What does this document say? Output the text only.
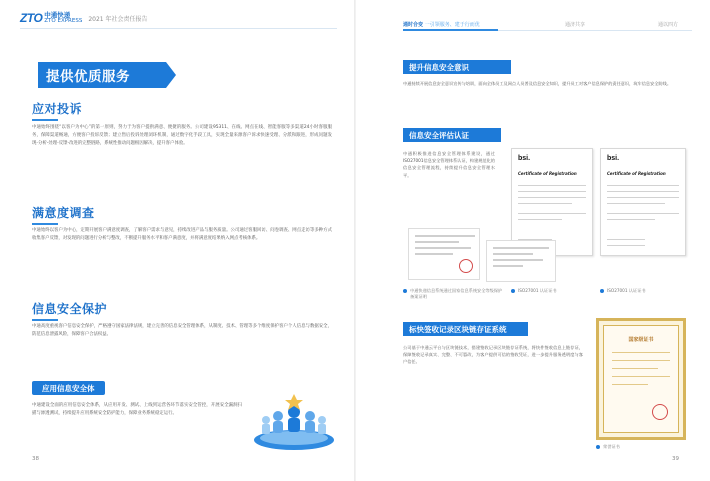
ZTO 中通快递
ZTO EXPRESS 2021 年社会责任报告
提供优质服务
应对投诉

中通始终围绕“以客户为中心”的第一原则，努力于为客户提供满意、便捷的服务。公司建设95311、在线、网点在线、智能客服等多渠道24小时客服服务，保障渠道畅通，方便客户投诉反馈；建立售后投诉处理闭环机制，通过数字化手段工具，实现全量来源客户诉求快速受理、分派和跟进，形成问题发现-分析-处理-反馈-改进的完整链路，系统性推动问题根因解决，提升客户体验。

满意度调查

中通始终以客户为中心，定期开展客户满意度调查，了解客户需求与意见，持续改进产品与服务质量。公司通过客服回访、问卷调查、网点走访等多种方式收集客户反馈，对发现的问题进行分析与整改，不断提升服务水平和客户满意度，并将满意度结果纳入网点考核体系。

信息安全保护

中通高度重视客户信息安全保护，严格遵守国家法律法规，建立完善的信息安全管理体系，从制度、技术、管理等多个维度保护客户个人信息与数据安全，防范信息泄露风险，保障客户合法权益。

应用信息安全体

中通建设全面的应用信息安全体系，从应用开发、测试、上线到运营各环节落实安全管控，开展安全漏洞扫描与渗透测试，持续提升应用系统安全防护能力，保障业务系统稳定运行。

38
通时合变 一引领服务、建于行而优	通济共享	通以四方
提升信息安全意识

中通持续开展信息安全意识宣传与培训，面向全体员工及网点人员普及信息安全知识，提升员工对客户信息保护的责任意识，筑牢信息安全防线。

信息安全评估认证

中通积极推进信息安全管理体系建设，通过ISO27001信息安全管理体系认证，构建规范化的信息安全管理流程，持续提升信息安全管理水平。

bsi.
Certificate of Registration
bsi.
Certificate of Registration
中通快递信息系统通过国家信息系统安全等级保护备案证明
ISO27001 认证证书	ISO27001 认证证书
标快签收记录区块链存证系统

公司基于中通云平台与区块链技术，搭建签收记录区块链存证系统，将快件签收信息上链存证，保障签收记录真实、完整、不可篡改，为客户提供可信的签收凭证，进一步提升服务透明度与客户信任。

国家级证书
荣誉证书
39
